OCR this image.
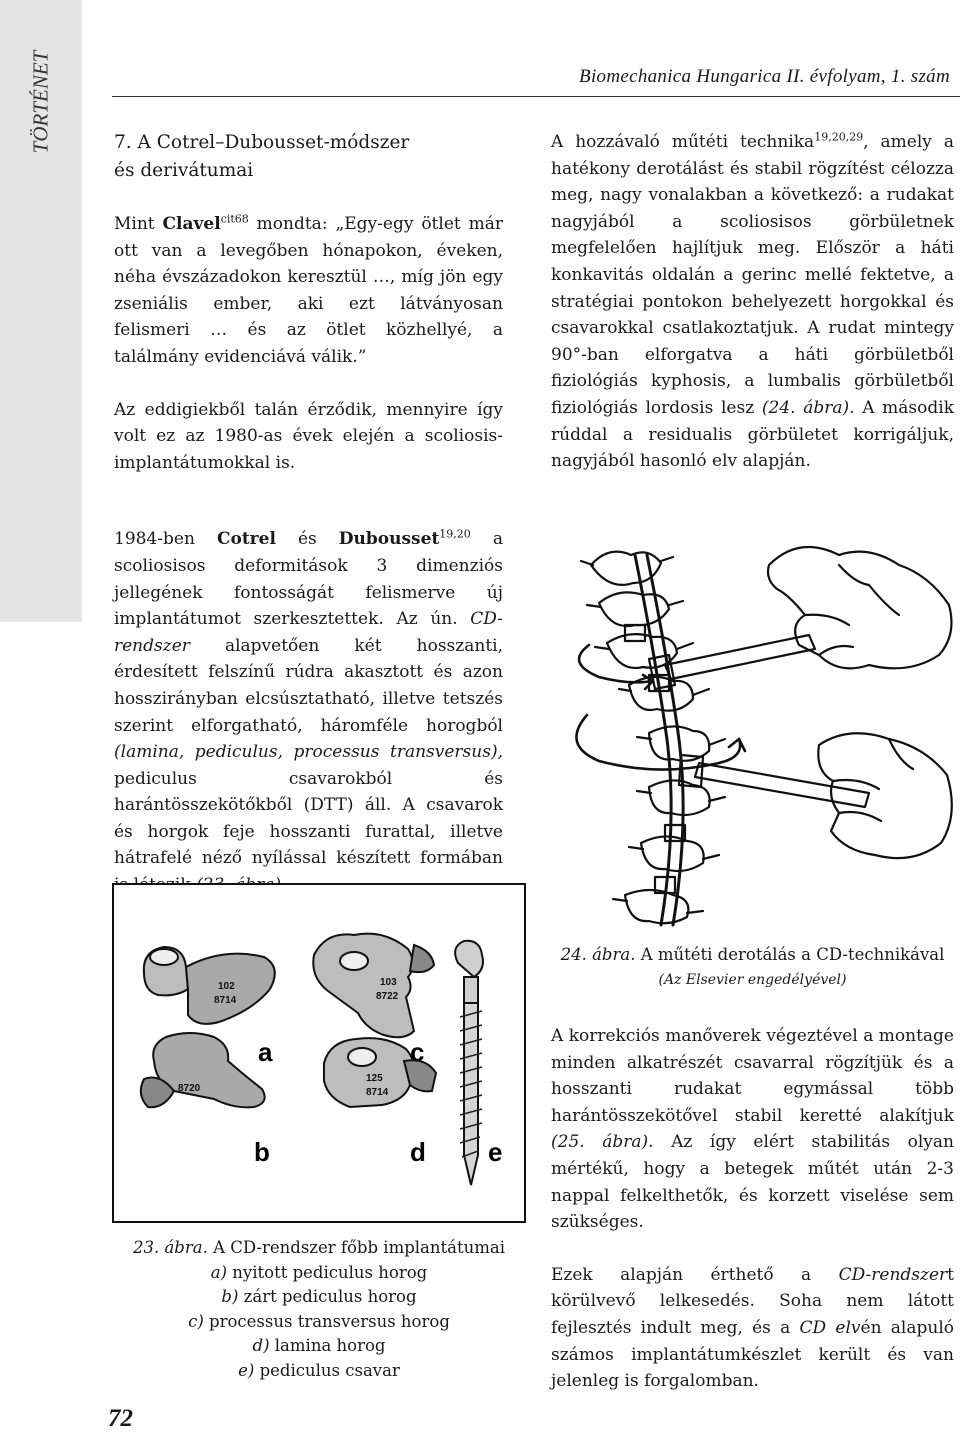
TÖRTÉNET	Biomechanica Hungarica II. évfolyam, 1. szám
7. A Cotrel–Dubousset-módszer
és derivátumai

Mint Clavel$^{cit68}$ mondta: „Egy-egy ötlet már ott van a levegőben hónapokon, éveken, néha évszázadokon keresztül …, míg jön egy zseniális ember, aki ezt látványosan felismeri … és az ötlet közhellyé, a találmány evidenciává válik.”

Az eddigiekből talán érződik, mennyire így volt ez az 1980-as évek elején a scoliosis-implantátumokkal is.

1984-ben Cotrel és Dubousset$^{19,20}$ a scoliosisos deformitások 3 dimenziós jellegének fontosságát felismerve új implantátumot szerkesztettek. Az ún. CD-rendszer alapvetően két hosszanti, érdesített felszínű rúdra akasztott és azon hosszirányban elcsúsztatható, illetve tetszés szerint elforgatható, háromféle horogból (lamina, pediculus, processus transversus), pediculus csavarokból és harántösszekötőkből (DTT) áll. A csavarok és horgok feje hosszanti furattal, illetve hátrafelé néző nyílással készített formában

A hozzávaló műtéti technika$^{19,20,29}$, amely a hatékony derotálást és stabil rögzítést célozza meg, nagy vonalakban a következő: a rudakat nagyjából a scoliosisos görbületnek megfelelően hajlítjuk meg. Először a háti konkavitás oldalán a gerinc mellé fektetve, a stratégiai pontokon behelyezett horgokkal és csavarokkal csatlakoztatjuk. A rudat mintegy 90°-ban elforgatva a háti görbületből fiziológiás kyphosis, a lumbalis görbületből fiziológiás lordosis lesz (24. ábra). A második rúddal a residualis görbületet korrigáljuk, nagyjából hasonló elv alapján.

24. ábra. A műtéti derotálás a CD-technikával
(Az Elsevier engedélyével)

A korrekciós manőverek végeztével a montage minden alkatrészét csavarral rögzítjük és a hosszanti rudakat egymással több harántösszekötővel stabil keretté alakítjuk (25. ábra). Az így elért stabilitás olyan mértékű, hogy a betegek műtét után 2-3 nappal felkelthetők, és korzett viselése sem szükséges.

Ezek alapján érthető a CD-rendszert körülvevő lelkesedés. Soha nem látott fejlesztés indult meg, és a CD elvén alapuló számos implantátumkészlet került és van jelenleg is forgalomban.

102
8714
8720
103
8722
125
8714
a
b
c
d e
23. ábra. A CD-rendszer főbb implantátumai
a) nyitott pediculus horog
b) zárt pediculus horog
c) processus transversus horog
d) lamina horog
e) pediculus csavar
72
